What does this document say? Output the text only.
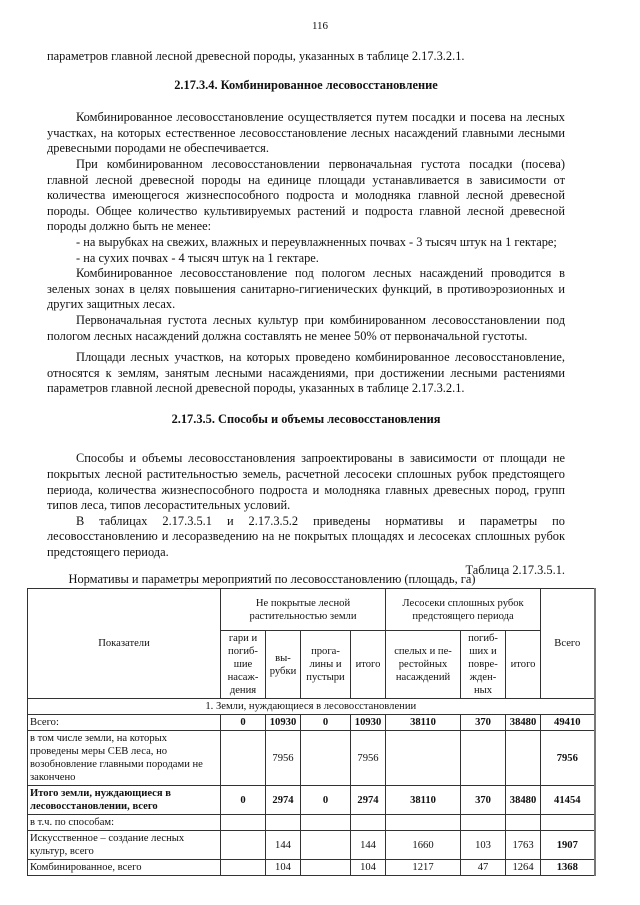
116

параметров главной лесной древесной породы, указанных в таблице 2.17.3.2.1.

2.17.3.4. Комбинированное лесовосстановление

Комбинированное лесовосстановление осуществляется путем посадки и посева на лесных участках, на которых естественное лесовосстановление лесных насаждений главными лесными древесными породами не обеспечивается.

При комбинированном лесовосстановлении первоначальная густота посадки (посева) главной лесной древесной породы на единице площади устанавливается в зависимости от количества имеющегося жизнеспособного подроста и молодняка главной лесной древесной породы. Общее количество культивируемых растений и подроста главной лесной древесной породы должно быть не менее:

- на вырубках на свежих, влажных и переувлажненных почвах - 3 тысяч штук на 1 гектаре;

- на сухих почвах - 4 тысяч штук на 1 гектаре.

Комбинированное лесовосстановление под пологом лесных насаждений проводится в зеленых зонах в целях повышения санитарно-гигиенических функций, в противоэрозионных и других защитных лесах.

Первоначальная густота лесных культур при комбинированном лесовосстановлении под пологом лесных насаждений должна составлять не менее 50% от первоначальной густоты.

Площади лесных участков, на которых проведено комбинированное лесовосстановление, относятся к землям, занятым лесными насаждениями, при достижении лесными растениями параметров главной лесной древесной породы, указанных в таблице 2.17.3.2.1.

2.17.3.5. Способы и объемы лесовосстановления

Способы и объемы лесовосстановления запроектированы в зависимости от площади не покрытых лесной растительностью земель, расчетной лесосеки сплошных рубок предстоящего периода, количества жизнеспособного подроста и молодняка главных древесных пород, групп типов леса, типов лесорастительных условий.

В таблицах 2.17.3.5.1 и 2.17.3.5.2 приведены нормативы и параметры по лесовосстановлению и лесоразведению на не покрытых площадях и лесосеках сплошных рубок предстоящего периода.

Таблица 2.17.3.5.1.

Нормативы и параметры мероприятий по лесовосстановлению (площадь, га)
Показатели	Не покрытые лесной растительностью земли				Лесосеки сплошных рубок предстоящего периода			Всего
	гари и погиб-шие насаж-дения	вы-рубки	прога-лины и пустыри	итого	спелых и пе-рестойных насаждений	погиб-ших и повре-жден-ных	итого	
1. Земли, нуждающиеся в лесовосстановлении								
Всего:	0	10930	0	10930	38110	370	38480	49410
в том числе земли, на которых проведены меры СЕВ леса, но возобновление главными породами не закончено		7956		7956				7956
Итого земли, нуждающиеся в лесовосстановлении, всего	0	2974	0	2974	38110	370	38480	41454
в т.ч. по способам:								
Искусственное – создание лесных культур, всего		144		144	1660	103	1763	1907
Комбинированное, всего		104		104	1217	47	1264	1368
